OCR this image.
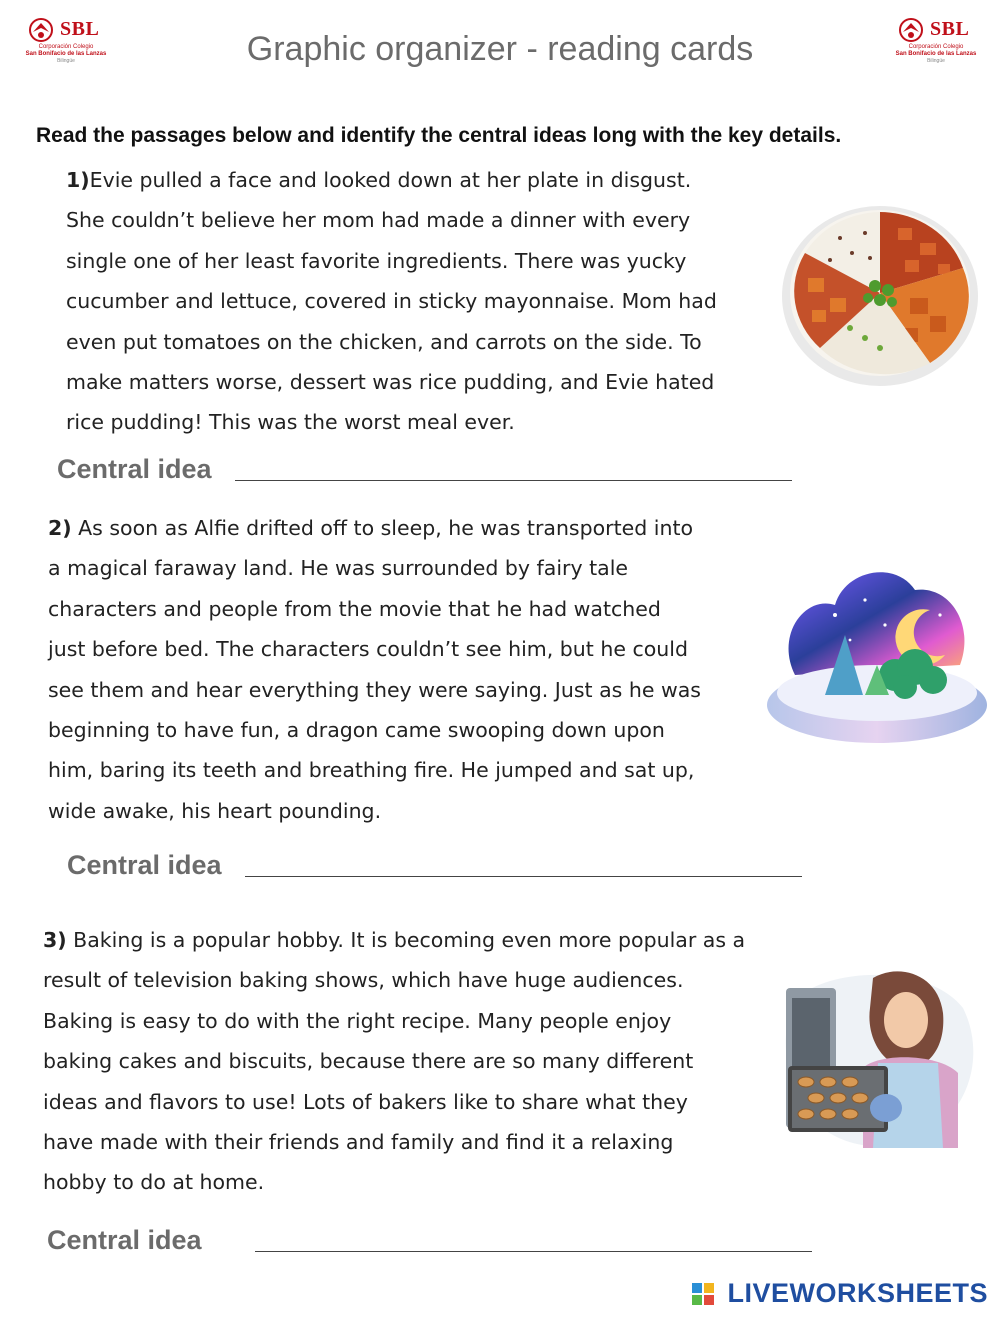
SBL
Corporación Colegio
San Bonifacio de las Lanzas
Bilingüe	Graphic organizer - reading cards
SBL
Corporación Colegio
San Bonifacio de las Lanzas
Bilingüe
Read the passages below and identify the central ideas long with the key details.
1)Evie pulled a face and looked down at her plate in disgust.
She couldn’t believe her mom had made a dinner with every
single one of her least favorite ingredients. There was yucky
cucumber and lettuce, covered in sticky mayonnaise. Mom had
even put tomatoes on the chicken, and carrots on the side. To
make matters worse, dessert was rice pudding, and Evie hated
rice pudding! This was the worst meal ever.
Central idea
2) As soon as Alfie drifted off to sleep, he was transported into
a magical faraway land. He was surrounded by fairy tale
characters and people from the movie that he had watched
just before bed. The characters couldn’t see him, but he could
see them and hear everything they were saying. Just as he was
beginning to have fun, a dragon came swooping down upon
him, baring its teeth and breathing fire. He jumped and sat up,
wide awake, his heart pounding.
Central idea
3) Baking is a popular hobby. It is becoming even more popular as a
result of television baking shows, which have huge audiences.
Baking is easy to do with the right recipe. Many people enjoy
baking cakes and biscuits, because there are so many different
ideas and flavors to use! Lots of bakers like to share what they
have made with their friends and family and find it a relaxing
hobby to do at home.
Central idea
LIVEWORKSHEETS
